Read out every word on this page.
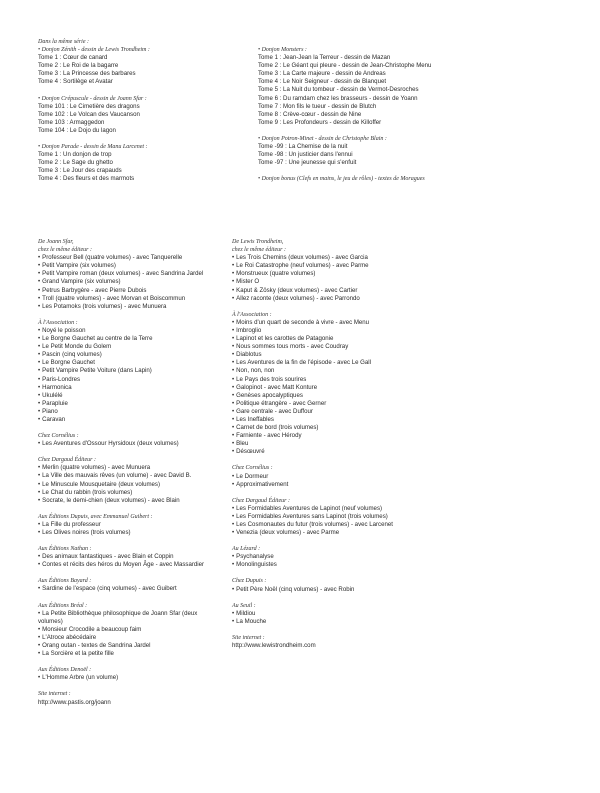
Dans la même série :
• Donjon Zénith - dessin de Lewis Trondheim :
Tome 1 : Cœur de canard
Tome 2 : Le Roi de la bagarre
Tome 3 : La Princesse des barbares
Tome 4 : Sortilège et Avatar
• Donjon Crépuscule - dessin de Joann Sfar :
Tome 101 : Le Cimetière des dragons
Tome 102 : Le Volcan des Vaucanson
Tome 103 : Armaggedon
Tome 104 : Le Dojo du lagon
• Donjon Parade - dessin de Manu Larcenet :
Tome 1 : Un donjon de trop
Tome 2 : Le Sage du ghetto
Tome 3 : Le Jour des crapauds
Tome 4 : Des fleurs et des marmots
• Donjon Monsters :
Tome 1 : Jean-Jean la Terreur - dessin de Mazan
Tome 2 : Le Géant qui pleure - dessin de Jean-Christophe Menu
Tome 3 : La Carte majeure - dessin de Andreas
Tome 4 : Le Noir Seigneur - dessin de Blanquet
Tome 5 : La Nuit du tombeur - dessin de Vermot-Desroches
Tome 6 : Du ramdam chez les brasseurs - dessin de Yoann
Tome 7 : Mon fils le tueur - dessin de Blutch
Tome 8 : Crève-cœur - dessin de Nine
Tome 9 : Les Profondeurs - dessin de Killoffer
• Donjon Potron-Minet - dessin de Christophe Blain :
Tome -99 : La Chemise de la nuit
Tome -98 : Un justicier dans l'ennui
Tome -97 : Une jeunesse qui s'enfuit
• Donjon bonus (Clefs en mains, le jeu de rôles) - textes de Moragues
De Joann Sfar,
chez le même éditeur :
• Professeur Bell (quatre volumes) - avec Tanquerelle
• Petit Vampire (six volumes)
• Petit Vampire roman (deux volumes) - avec Sandrina Jardel
• Grand Vampire (six volumes)
• Petrus Barbygère - avec Pierre Dubois
• Troll (quatre volumes) - avec Morvan et Boiscommun
• Les Potamoks (trois volumes) - avec Munuera
À l'Association :
• Noyé le poisson
• Le Borgne Gauchet au centre de la Terre
• Le Petit Monde du Golem
• Pascin (cinq volumes)
• Le Borgne Gauchet
• Petit Vampire Petite Voiture (dans Lapin)
• Paris-Londres
• Harmonica
• Ukulélé
• Parapluie
• Piano
• Caravan
Chez Cornélius :
• Les Aventures d'Ossour Hyrsidoux (deux volumes)
Chez Dargaud Éditeur :
• Merlin (quatre volumes) - avec Munuera
• La Ville des mauvais rêves (un volume) - avec David B.
• Le Minuscule Mousquetaire (deux volumes)
• Le Chat du rabbin (trois volumes)
• Socrate, le demi-chien (deux volumes) - avec Blain
Aux Éditions Dupuis, avec Emmanuel Guibert :
• La Fille du professeur
• Les Olives noires (trois volumes)
Aux Éditions Nathan :
• Des animaux fantastiques - avec Blain et Coppin
• Contes et récits des héros du Moyen Âge - avec Massardier
Aux Éditions Bayard :
• Sardine de l'espace (cinq volumes) - avec Guibert
Aux Éditions Bréal :
• La Petite Bibliothèque philosophique de Joann Sfar (deux volumes)
• Monsieur Crocodile a beaucoup faim
• L'Atroce abécédaire
• Orang outan - textes de Sandrina Jardel
• La Sorcière et la petite fille
Aux Éditions Denoël :
• L'Homme Arbre (un volume)
Site internet :
http://www.pastis.org/joann
De Lewis Trondheim,
chez le même éditeur :
• Les Trois Chemins (deux volumes) - avec Garcia
• Le Roi Catastrophe (neuf volumes) - avec Parme
• Monstrueux (quatre volumes)
• Mister O
• Kaput & Zösky (deux volumes) - avec Cartier
• Allez raconte (deux volumes) - avec Parrondo
À l'Association :
• Moins d'un quart de seconde à vivre - avec Menu
• Imbroglio
• Lapinot et les carottes de Patagonie
• Nous sommes tous morts - avec Coudray
• Diablotus
• Les Aventures de la fin de l'épisode - avec Le Gall
• Non, non, non
• Le Pays des trois sourires
• Galopinot - avec Matt Konture
• Genèses apocalyptiques
• Politique étrangère - avec Gerner
• Gare centrale - avec Duffour
• Les Ineffables
• Carnet de bord (trois volumes)
• Farniente - avec Hérody
• Bleu
• Désœuvré
Chez Cornélius :
• Le Dormeur
• Approximativement
Chez Dargaud Éditeur :
• Les Formidables Aventures de Lapinot (neuf volumes)
• Les Formidables Aventures sans Lapinot (trois volumes)
• Les Cosmonautes du futur (trois volumes) - avec Larcenet
• Venezia (deux volumes) - avec Parme
Au Lézard :
• Psychanalyse
• Monolinguistes
Chez Dupuis :
• Petit Père Noël (cinq volumes) - avec Robin
Au Seuil :
• Mildiou
• La Mouche
Site internet :
http://www.lewistrondheim.com
